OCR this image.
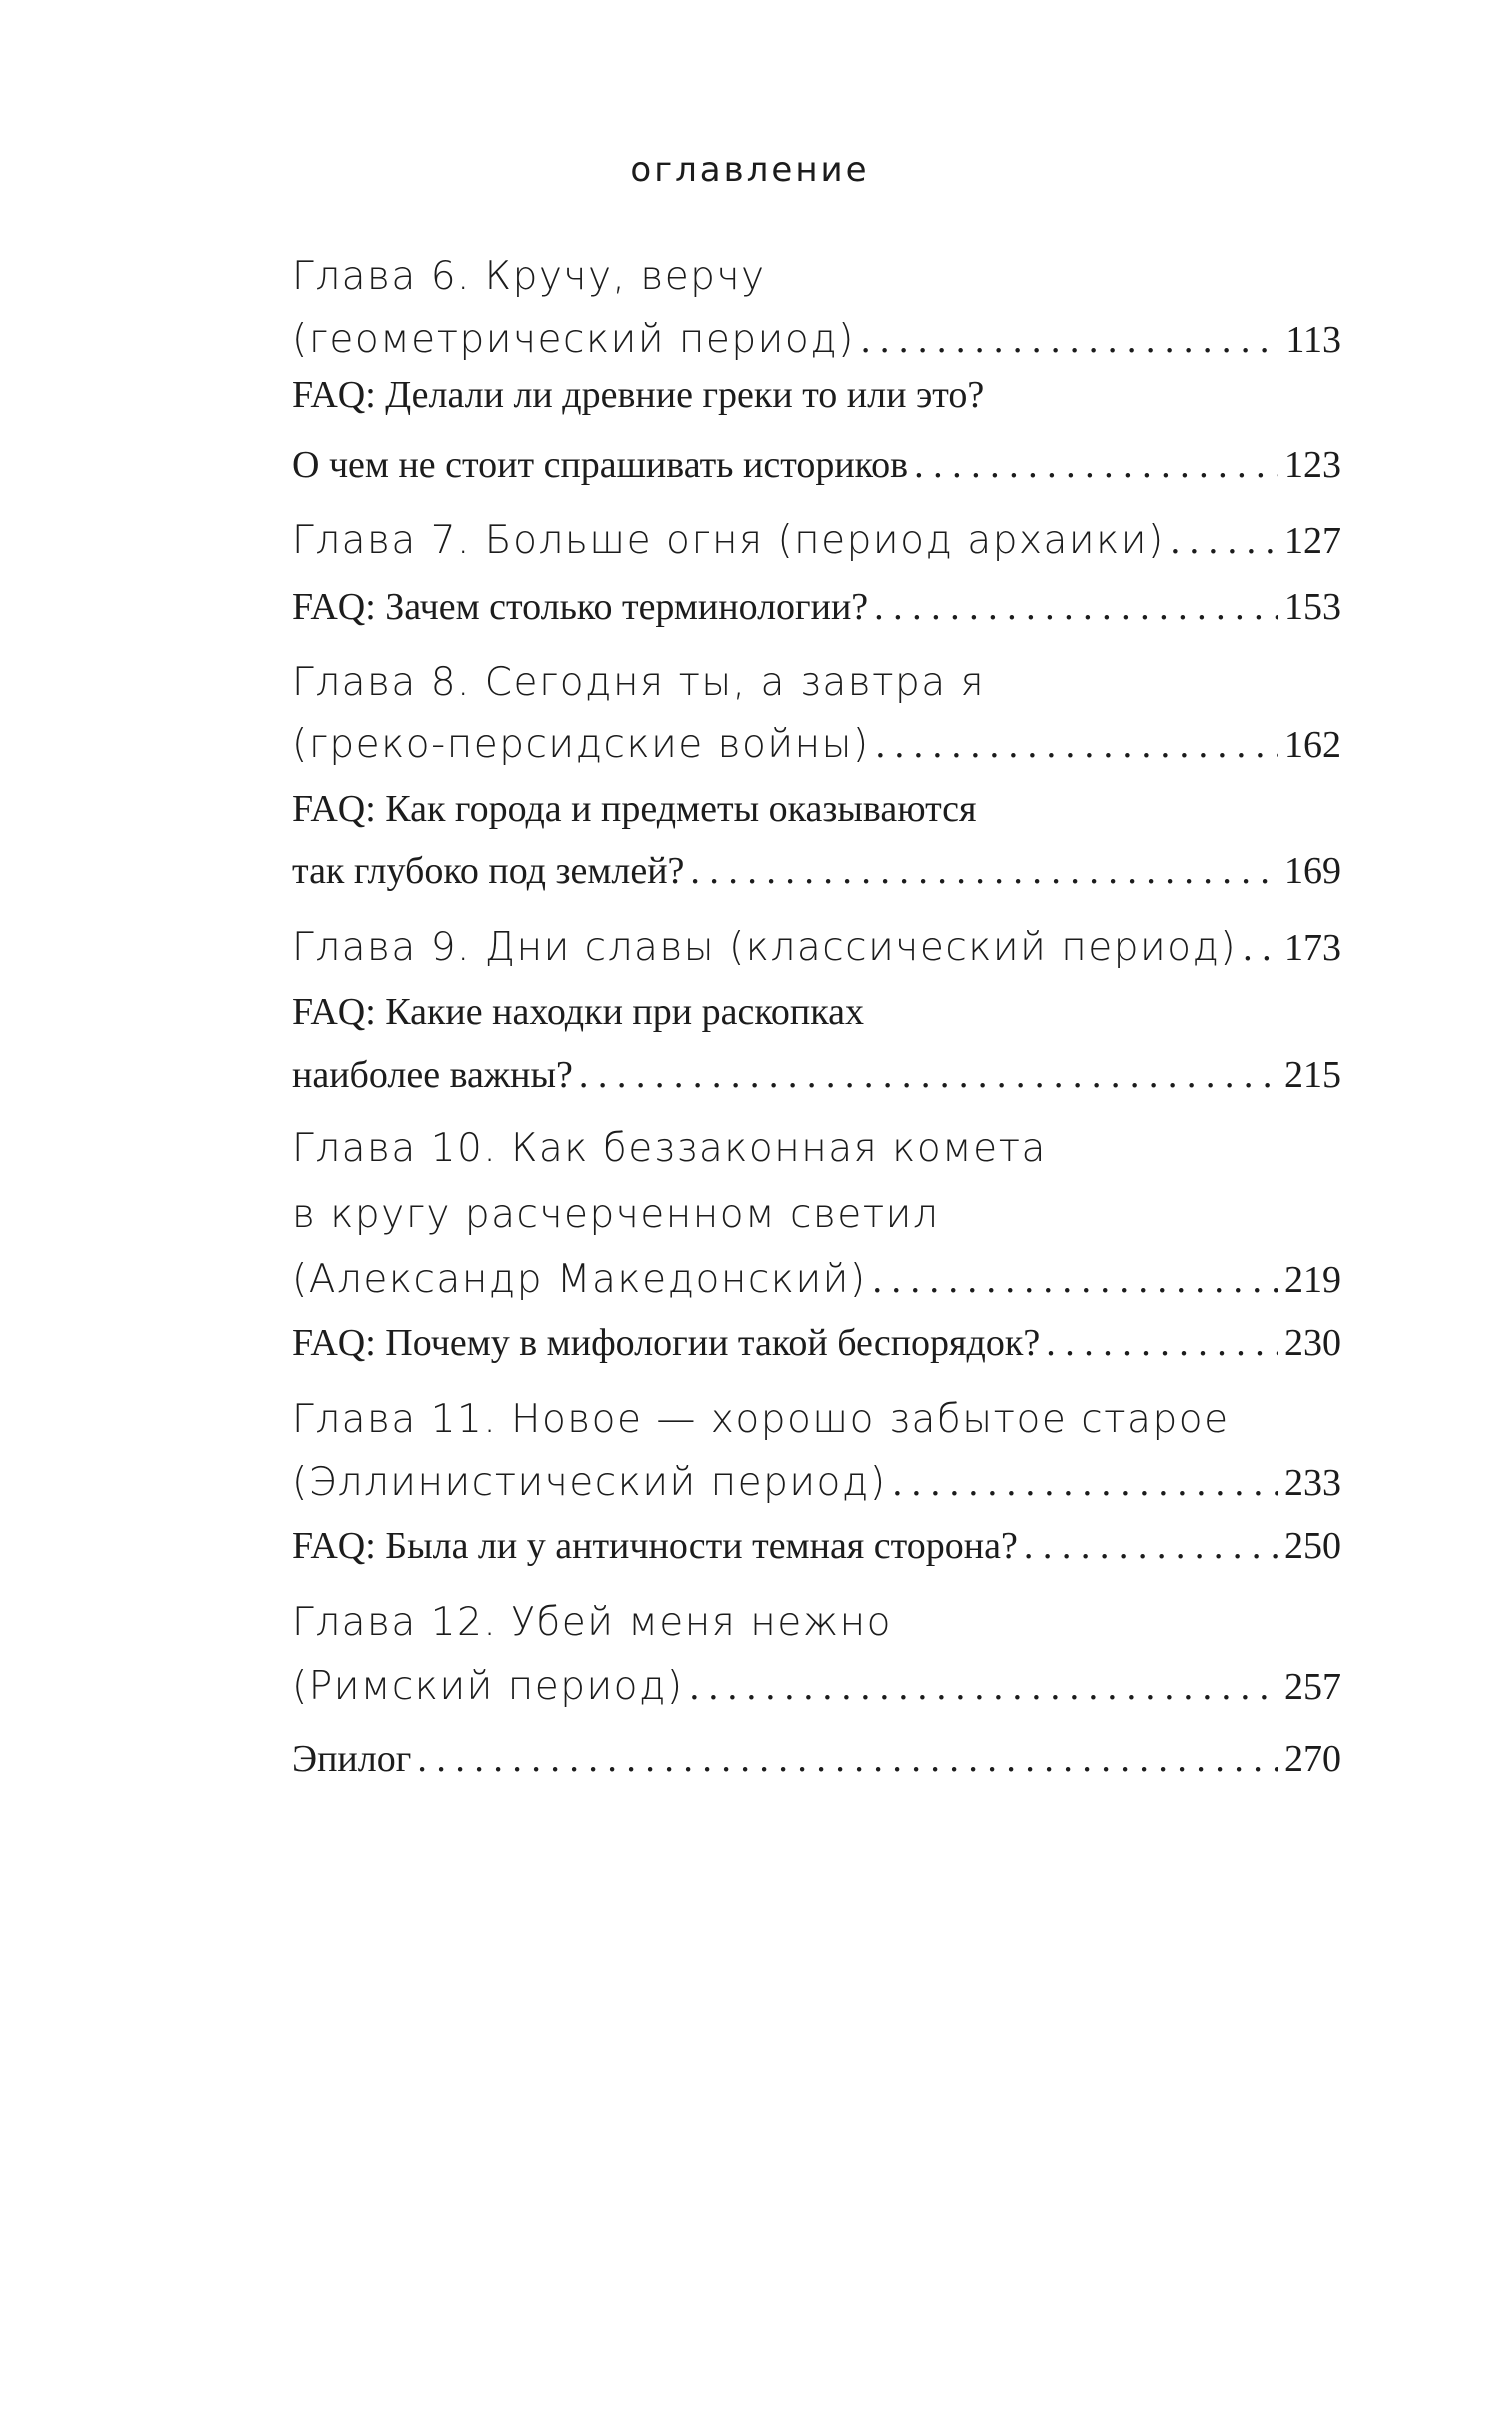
оглавление
Глава 6. Кручу, верчу
(геометрический период) . . .	113
FAQ: Делали ли древние греки то или это?
О чем не стоит спрашивать историков . . .	123
Глава 7. Больше огня (период архаики) . . .	127
FAQ: Зачем столько терминологии? . . .	153
Глава 8. Сегодня ты, а завтра я
(греко-персидские войны) . . .	162
FAQ: Как города и предметы оказываются
так глубоко под землей? . . .	169
Глава 9. Дни славы (классический период) . . . 173
FAQ: Какие находки при раскопках
наиболее важны? . . .	215
Глава 10. Как беззаконная комета
в кругу расчерченном светил
(Александр Македонский) . . .	219
FAQ: Почему в мифологии такой беспорядок? . . .	230
Глава 11. Новое — хорошо забытое старое
(Эллинистический период) . . .	233
FAQ: Была ли у античности темная сторона? . . .	250
Глава 12. Убей меня нежно
(Римский период) . . .	257
Эпилог . . .	270
